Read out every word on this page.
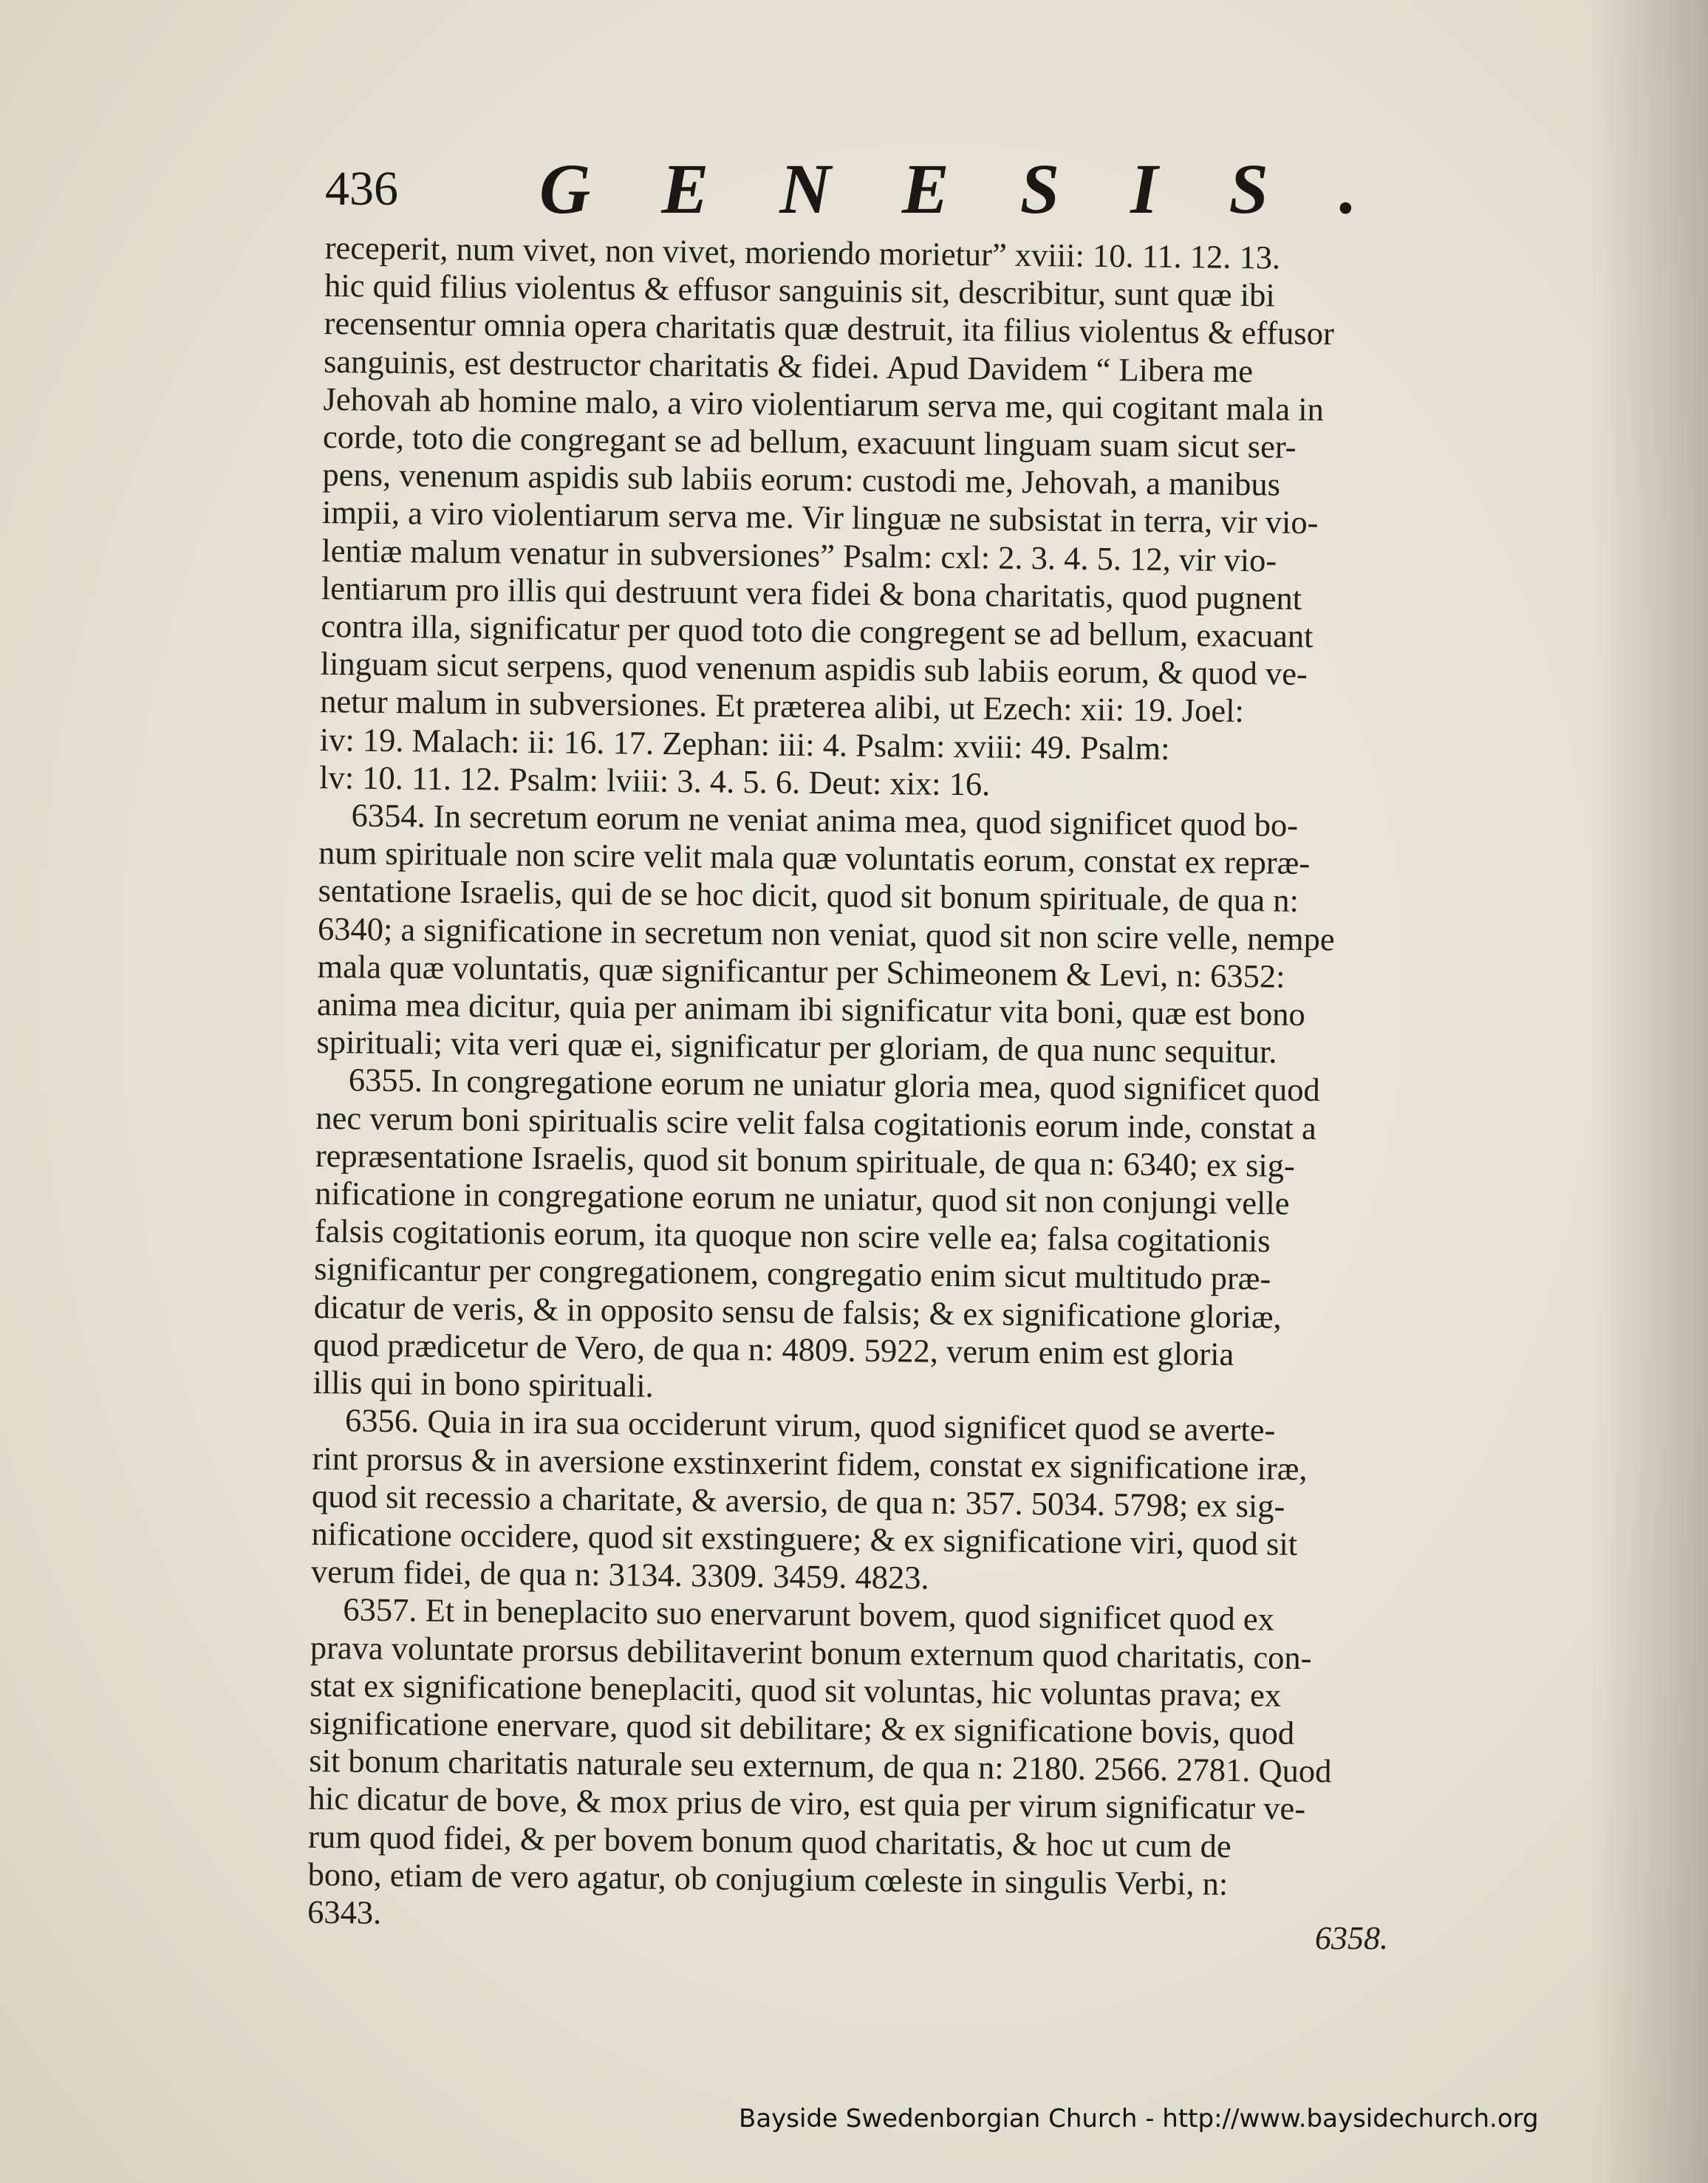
436 GENESIS.
receperit, num vivet, non vivet, moriendo morietur” xviii: 10. 11. 12. 13.
hic quid filius violentus & effusor sanguinis sit, describitur, sunt quæ ibi
recensentur omnia opera charitatis quæ destruit, ita filius violentus & effusor
sanguinis, est destructor charitatis & fidei. Apud Davidem “ Libera me
Jehovah ab homine malo, a viro violentiarum serva me, qui cogitant mala in
corde, toto die congregant se ad bellum, exacuunt linguam suam sicut ser-
pens, venenum aspidis sub labiis eorum: custodi me, Jehovah, a manibus
impii, a viro violentiarum serva me. Vir linguæ ne subsistat in terra, vir vio-
lentiæ malum venatur in subversiones” Psalm: cxl: 2. 3. 4. 5. 12, vir vio-
lentiarum pro illis qui destruunt vera fidei & bona charitatis, quod pugnent
contra illa, significatur per quod toto die congregent se ad bellum, exacuant
linguam sicut serpens, quod venenum aspidis sub labiis eorum, & quod ve-
netur malum in subversiones. Et præterea alibi, ut Ezech: xii: 19. Joel:
iv: 19. Malach: ii: 16. 17. Zephan: iii: 4. Psalm: xviii: 49. Psalm:
lv: 10. 11. 12. Psalm: lviii: 3. 4. 5. 6. Deut: xix: 16.
6354. In secretum eorum ne veniat anima mea, quod significet quod bo-
num spirituale non scire velit mala quæ voluntatis eorum, constat ex repræ-
sentatione Israelis, qui de se hoc dicit, quod sit bonum spirituale, de qua n:
6340; a significatione in secretum non veniat, quod sit non scire velle, nempe
mala quæ voluntatis, quæ significantur per Schimeonem & Levi, n: 6352:
anima mea dicitur, quia per animam ibi significatur vita boni, quæ est bono
spirituali; vita veri quæ ei, significatur per gloriam, de qua nunc sequitur.
6355. In congregatione eorum ne uniatur gloria mea, quod significet quod
nec verum boni spiritualis scire velit falsa cogitationis eorum inde, constat a
repræsentatione Israelis, quod sit bonum spirituale, de qua n: 6340; ex sig-
nificatione in congregatione eorum ne uniatur, quod sit non conjungi velle
falsis cogitationis eorum, ita quoque non scire velle ea; falsa cogitationis
significantur per congregationem, congregatio enim sicut multitudo præ-
dicatur de veris, & in opposito sensu de falsis; & ex significatione gloriæ,
quod prædicetur de Vero, de qua n: 4809. 5922, verum enim est gloria
illis qui in bono spirituali.
6356. Quia in ira sua occiderunt virum, quod significet quod se averte-
rint prorsus & in aversione exstinxerint fidem, constat ex significatione iræ,
quod sit recessio a charitate, & aversio, de qua n: 357. 5034. 5798; ex sig-
nificatione occidere, quod sit exstinguere; & ex significatione viri, quod sit
verum fidei, de qua n: 3134. 3309. 3459. 4823.
6357. Et in beneplacito suo enervarunt bovem, quod significet quod ex
prava voluntate prorsus debilitaverint bonum externum quod charitatis, con-
stat ex significatione beneplaciti, quod sit voluntas, hic voluntas prava; ex
significatione enervare, quod sit debilitare; & ex significatione bovis, quod
sit bonum charitatis naturale seu externum, de qua n: 2180. 2566. 2781. Quod
hic dicatur de bove, & mox prius de viro, est quia per virum significatur ve-
rum quod fidei, & per bovem bonum quod charitatis, & hoc ut cum de
bono, etiam de vero agatur, ob conjugium cœleste in singulis Verbi, n:
6343.
6358.
Bayside Swedenborgian Church - http://www.baysidechurch.org
